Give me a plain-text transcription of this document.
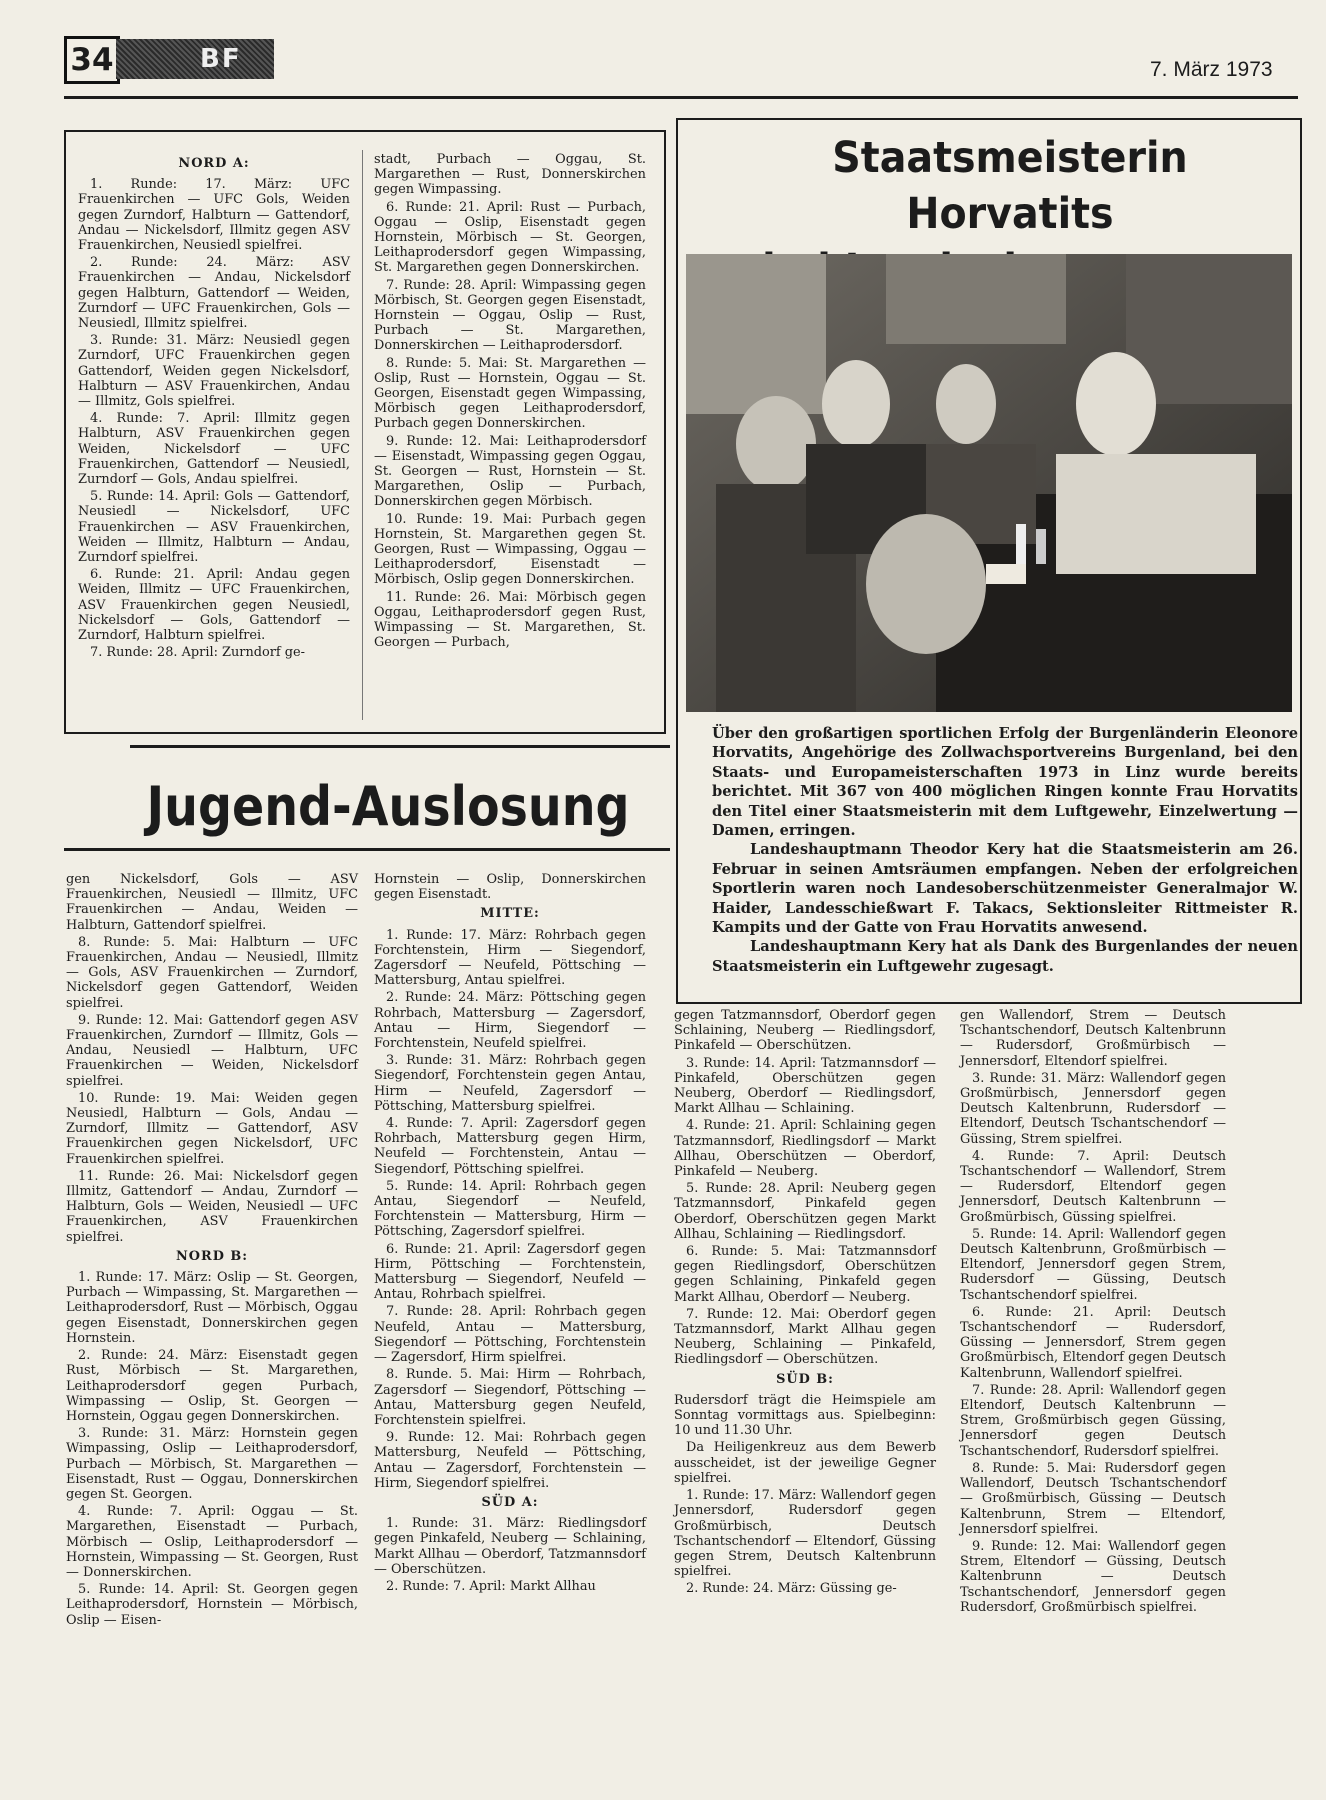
34	BF	7. März 1973

NORD A:

1. Runde: 17. März: UFC Frauenkirchen — UFC Gols, Weiden gegen Zurndorf, Halbturn — Gattendorf, Andau — Nickelsdorf, Illmitz gegen ASV Frauenkirchen, Neusiedl spielfrei.

2. Runde: 24. März: ASV Frauenkirchen — Andau, Nickelsdorf gegen Halbturn, Gattendorf — Weiden, Zurndorf — UFC Frauenkirchen, Gols — Neusiedl, Illmitz spielfrei.

3. Runde: 31. März: Neusiedl gegen Zurndorf, UFC Frauenkirchen gegen Gattendorf, Weiden gegen Nickelsdorf, Halbturn — ASV Frauenkirchen, Andau — Illmitz, Gols spielfrei.

4. Runde: 7. April: Illmitz gegen Halbturn, ASV Frauenkirchen gegen Weiden, Nickelsdorf — UFC Frauenkirchen, Gattendorf — Neusiedl, Zurndorf — Gols, Andau spielfrei.

5. Runde: 14. April: Gols — Gattendorf, Neusiedl — Nickelsdorf, UFC Frauenkirchen — ASV Frauenkirchen, Weiden — Illmitz, Halbturn — Andau, Zurndorf spielfrei.

6. Runde: 21. April: Andau gegen Weiden, Illmitz — UFC Frauenkirchen, ASV Frauenkirchen gegen Neusiedl, Nickelsdorf — Gols, Gattendorf — Zurndorf, Halbturn spielfrei.

7. Runde: 28. April: Zurndorf ge-

stadt, Purbach — Oggau, St. Margarethen — Rust, Donnerskirchen gegen Wimpassing.

6. Runde: 21. April: Rust — Purbach, Oggau — Oslip, Eisenstadt gegen Hornstein, Mörbisch — St. Georgen, Leithaprodersdorf gegen Wimpassing, St. Margarethen gegen Donnerskirchen.

7. Runde: 28. April: Wimpassing gegen Mörbisch, St. Georgen gegen Eisenstadt, Hornstein — Oggau, Oslip — Rust, Purbach — St. Margarethen, Donnerskirchen — Leithaprodersdorf.

8. Runde: 5. Mai: St. Margarethen — Oslip, Rust — Hornstein, Oggau — St. Georgen, Eisenstadt gegen Wimpassing, Mörbisch gegen Leithaprodersdorf, Purbach gegen Donnerskirchen.

9. Runde: 12. Mai: Leithaprodersdorf — Eisenstadt, Wimpassing gegen Oggau, St. Georgen — Rust, Hornstein — St. Margarethen, Oslip — Purbach, Donnerskirchen gegen Mörbisch.

10. Runde: 19. Mai: Purbach gegen Hornstein, St. Margarethen gegen St. Georgen, Rust — Wimpassing, Oggau — Leithaprodersdorf, Eisenstadt — Mörbisch, Oslip gegen Donnerskirchen.

11. Runde: 26. Mai: Mörbisch gegen Oggau, Leithaprodersdorf gegen Rust, Wimpassing — St. Margarethen, St. Georgen — Purbach,

Staatsmeisterin Horvatits

Über den großartigen sportlichen Erfolg der Burgenländerin Eleonore Horvatits, Angehörige des Zollwachsportvereins Burgenland, bei den Staats- und Europameisterschaften 1973 in Linz wurde bereits berichtet. Mit 367 von 400 möglichen Ringen konnte Frau Horvatits den Titel einer Staatsmeisterin mit dem Luftgewehr, Einzelwertung — Damen, erringen.

Landeshauptmann Theodor Kery hat die Staatsmeisterin am 26. Februar in seinen Amtsräumen empfangen. Neben der erfolgreichen Sportlerin waren noch Landesoberschützenmeister Generalmajor W. Haider, Landesschießwart F. Takacs, Sektionsleiter Rittmeister R. Kampits und der Gatte von Frau Horvatits anwesend.

Landeshauptmann Kery hat als Dank des Burgenlandes der neuen Staatsmeisterin ein Luftgewehr zugesagt.

Jugend-Auslosung

gen Nickelsdorf, Gols — ASV Frauenkirchen, Neusiedl — Illmitz, UFC Frauenkirchen — Andau, Weiden — Halbturn, Gattendorf spielfrei.

8. Runde: 5. Mai: Halbturn — UFC Frauenkirchen, Andau — Neusiedl, Illmitz — Gols, ASV Frauenkirchen — Zurndorf, Nickelsdorf gegen Gattendorf, Weiden spielfrei.

9. Runde: 12. Mai: Gattendorf gegen ASV Frauenkirchen, Zurndorf — Illmitz, Gols — Andau, Neusiedl — Halbturn, UFC Frauenkirchen — Weiden, Nickelsdorf spielfrei.

10. Runde: 19. Mai: Weiden gegen Neusiedl, Halbturn — Gols, Andau — Zurndorf, Illmitz — Gattendorf, ASV Frauenkirchen gegen Nickelsdorf, UFC Frauenkirchen spielfrei.

11. Runde: 26. Mai: Nickelsdorf gegen Illmitz, Gattendorf — Andau, Zurndorf — Halbturn, Gols — Weiden, Neusiedl — UFC Frauenkirchen, ASV Frauenkirchen spielfrei.

NORD B:

1. Runde: 17. März: Oslip — St. Georgen, Purbach — Wimpassing, St. Margarethen — Leithaprodersdorf, Rust — Mörbisch, Oggau gegen Eisenstadt, Donnerskirchen gegen Hornstein.

2. Runde: 24. März: Eisenstadt gegen Rust, Mörbisch — St. Margarethen, Leithaprodersdorf gegen Purbach, Wimpassing — Oslip, St. Georgen — Hornstein, Oggau gegen Donnerskirchen.

3. Runde: 31. März: Hornstein gegen Wimpassing, Oslip — Leithaprodersdorf, Purbach — Mörbisch, St. Margarethen — Eisenstadt, Rust — Oggau, Donnerskirchen gegen St. Georgen.

4. Runde: 7. April: Oggau — St. Margarethen, Eisenstadt — Purbach, Mörbisch — Oslip, Leithaprodersdorf — Hornstein, Wimpassing — St. Georgen, Rust — Donnerskirchen.

5. Runde: 14. April: St. Georgen gegen Leithaprodersdorf, Hornstein — Mörbisch, Oslip — Eisen-

Hornstein — Oslip, Donnerskirchen gegen Eisenstadt.

MITTE:

1. Runde: 17. März: Rohrbach gegen Forchtenstein, Hirm — Siegendorf, Zagersdorf — Neufeld, Pöttsching — Mattersburg, Antau spielfrei.

2. Runde: 24. März: Pöttsching gegen Rohrbach, Mattersburg — Zagersdorf, Antau — Hirm, Siegendorf — Forchtenstein, Neufeld spielfrei.

3. Runde: 31. März: Rohrbach gegen Siegendorf, Forchtenstein gegen Antau, Hirm — Neufeld, Zagersdorf — Pöttsching, Mattersburg spielfrei.

4. Runde: 7. April: Zagersdorf gegen Rohrbach, Mattersburg gegen Hirm, Neufeld — Forchtenstein, Antau — Siegendorf, Pöttsching spielfrei.

5. Runde: 14. April: Rohrbach gegen Antau, Siegendorf — Neufeld, Forchtenstein — Mattersburg, Hirm — Pöttsching, Zagersdorf spielfrei.

6. Runde: 21. April: Zagersdorf gegen Hirm, Pöttsching — Forchtenstein, Mattersburg — Siegendorf, Neufeld — Antau, Rohrbach spielfrei.

7. Runde: 28. April: Rohrbach gegen Neufeld, Antau — Mattersburg, Siegendorf — Pöttsching, Forchtenstein — Zagersdorf, Hirm spielfrei.

8. Runde. 5. Mai: Hirm — Rohrbach, Zagersdorf — Siegendorf, Pöttsching — Antau, Mattersburg gegen Neufeld, Forchtenstein spielfrei.

9. Runde: 12. Mai: Rohrbach gegen Mattersburg, Neufeld — Pöttsching, Antau — Zagersdorf, Forchtenstein — Hirm, Siegendorf spielfrei.

SÜD A:

1. Runde: 31. März: Riedlingsdorf gegen Pinkafeld, Neuberg — Schlaining, Markt Allhau — Oberdorf, Tatzmannsdorf — Oberschützen.

2. Runde: 7. April: Markt Allhau

gegen Tatzmannsdorf, Oberdorf gegen Schlaining, Neuberg — Riedlingsdorf, Pinkafeld — Oberschützen.

3. Runde: 14. April: Tatzmannsdorf — Pinkafeld, Oberschützen gegen Neuberg, Oberdorf — Riedlingsdorf, Markt Allhau — Schlaining.

4. Runde: 21. April: Schlaining gegen Tatzmannsdorf, Riedlingsdorf — Markt Allhau, Oberschützen — Oberdorf, Pinkafeld — Neuberg.

5. Runde: 28. April: Neuberg gegen Tatzmannsdorf, Pinkafeld gegen Oberdorf, Oberschützen gegen Markt Allhau, Schlaining — Riedlingsdorf.

6. Runde: 5. Mai: Tatzmannsdorf gegen Riedlingsdorf, Oberschützen gegen Schlaining, Pinkafeld gegen Markt Allhau, Oberdorf — Neuberg.

7. Runde: 12. Mai: Oberdorf gegen Tatzmannsdorf, Markt Allhau gegen Neuberg, Schlaining — Pinkafeld, Riedlingsdorf — Oberschützen.

SÜD B:

Rudersdorf trägt die Heimspiele am Sonntag vormittags aus. Spielbeginn: 10 und 11.30 Uhr.

Da Heiligenkreuz aus dem Bewerb ausscheidet, ist der jeweilige Gegner spielfrei.

1. Runde: 17. März: Wallendorf gegen Jennersdorf, Rudersdorf gegen Großmürbisch, Deutsch Tschantschendorf — Eltendorf, Güssing gegen Strem, Deutsch Kaltenbrunn spielfrei.

2. Runde: 24. März: Güssing ge-

gen Wallendorf, Strem — Deutsch Tschantschendorf, Deutsch Kaltenbrunn — Rudersdorf, Großmürbisch — Jennersdorf, Eltendorf spielfrei.

3. Runde: 31. März: Wallendorf gegen Großmürbisch, Jennersdorf gegen Deutsch Kaltenbrunn, Rudersdorf — Eltendorf, Deutsch Tschantschendorf — Güssing, Strem spielfrei.

4. Runde: 7. April: Deutsch Tschantschendorf — Wallendorf, Strem — Rudersdorf, Eltendorf gegen Jennersdorf, Deutsch Kaltenbrunn — Großmürbisch, Güssing spielfrei.

5. Runde: 14. April: Wallendorf gegen Deutsch Kaltenbrunn, Großmürbisch — Eltendorf, Jennersdorf gegen Strem, Rudersdorf — Güssing, Deutsch Tschantschendorf spielfrei.

6. Runde: 21. April: Deutsch Tschantschendorf — Rudersdorf, Güssing — Jennersdorf, Strem gegen Großmürbisch, Eltendorf gegen Deutsch Kaltenbrunn, Wallendorf spielfrei.

7. Runde: 28. April: Wallendorf gegen Eltendorf, Deutsch Kaltenbrunn — Strem, Großmürbisch gegen Güssing, Jennersdorf gegen Deutsch Tschantschendorf, Rudersdorf spielfrei.

8. Runde: 5. Mai: Rudersdorf gegen Wallendorf, Deutsch Tschantschendorf — Großmürbisch, Güssing — Deutsch Kaltenbrunn, Strem — Eltendorf, Jennersdorf spielfrei.

9. Runde: 12. Mai: Wallendorf gegen Strem, Eltendorf — Güssing, Deutsch Kaltenbrunn — Deutsch Tschantschendorf, Jennersdorf gegen Rudersdorf, Großmürbisch spielfrei.
